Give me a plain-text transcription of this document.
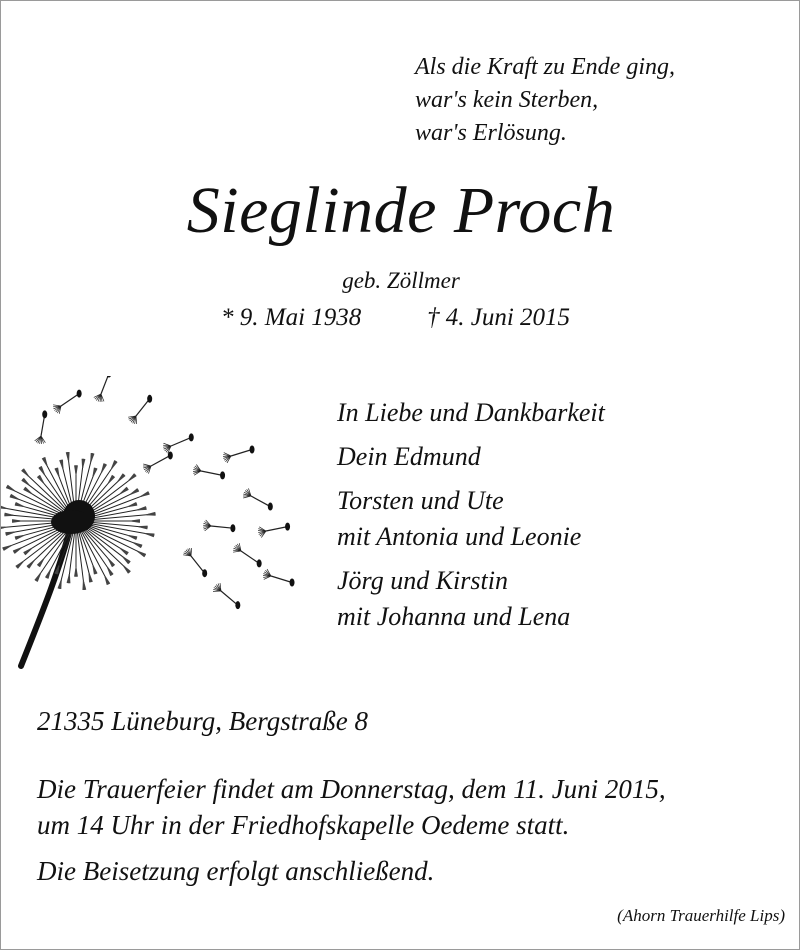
Als die Kraft zu Ende ging,
war's kein Sterben,
war's Erlösung.
Sieglinde Proch
geb. Zöllmer
* 9. Mai 1938	† 4. Juni 2015
In Liebe und Dankbarkeit
Dein Edmund
Torsten und Ute
mit Antonia und Leonie
Jörg und Kirstin
mit Johanna und Lena
21335 Lüneburg, Bergstraße 8
Die Trauerfeier findet am Donnerstag, dem 11. Juni 2015,
um 14 Uhr in der Friedhofskapelle Oedeme statt.
Die Beisetzung erfolgt anschließend.
(Ahorn Trauerhilfe Lips)
